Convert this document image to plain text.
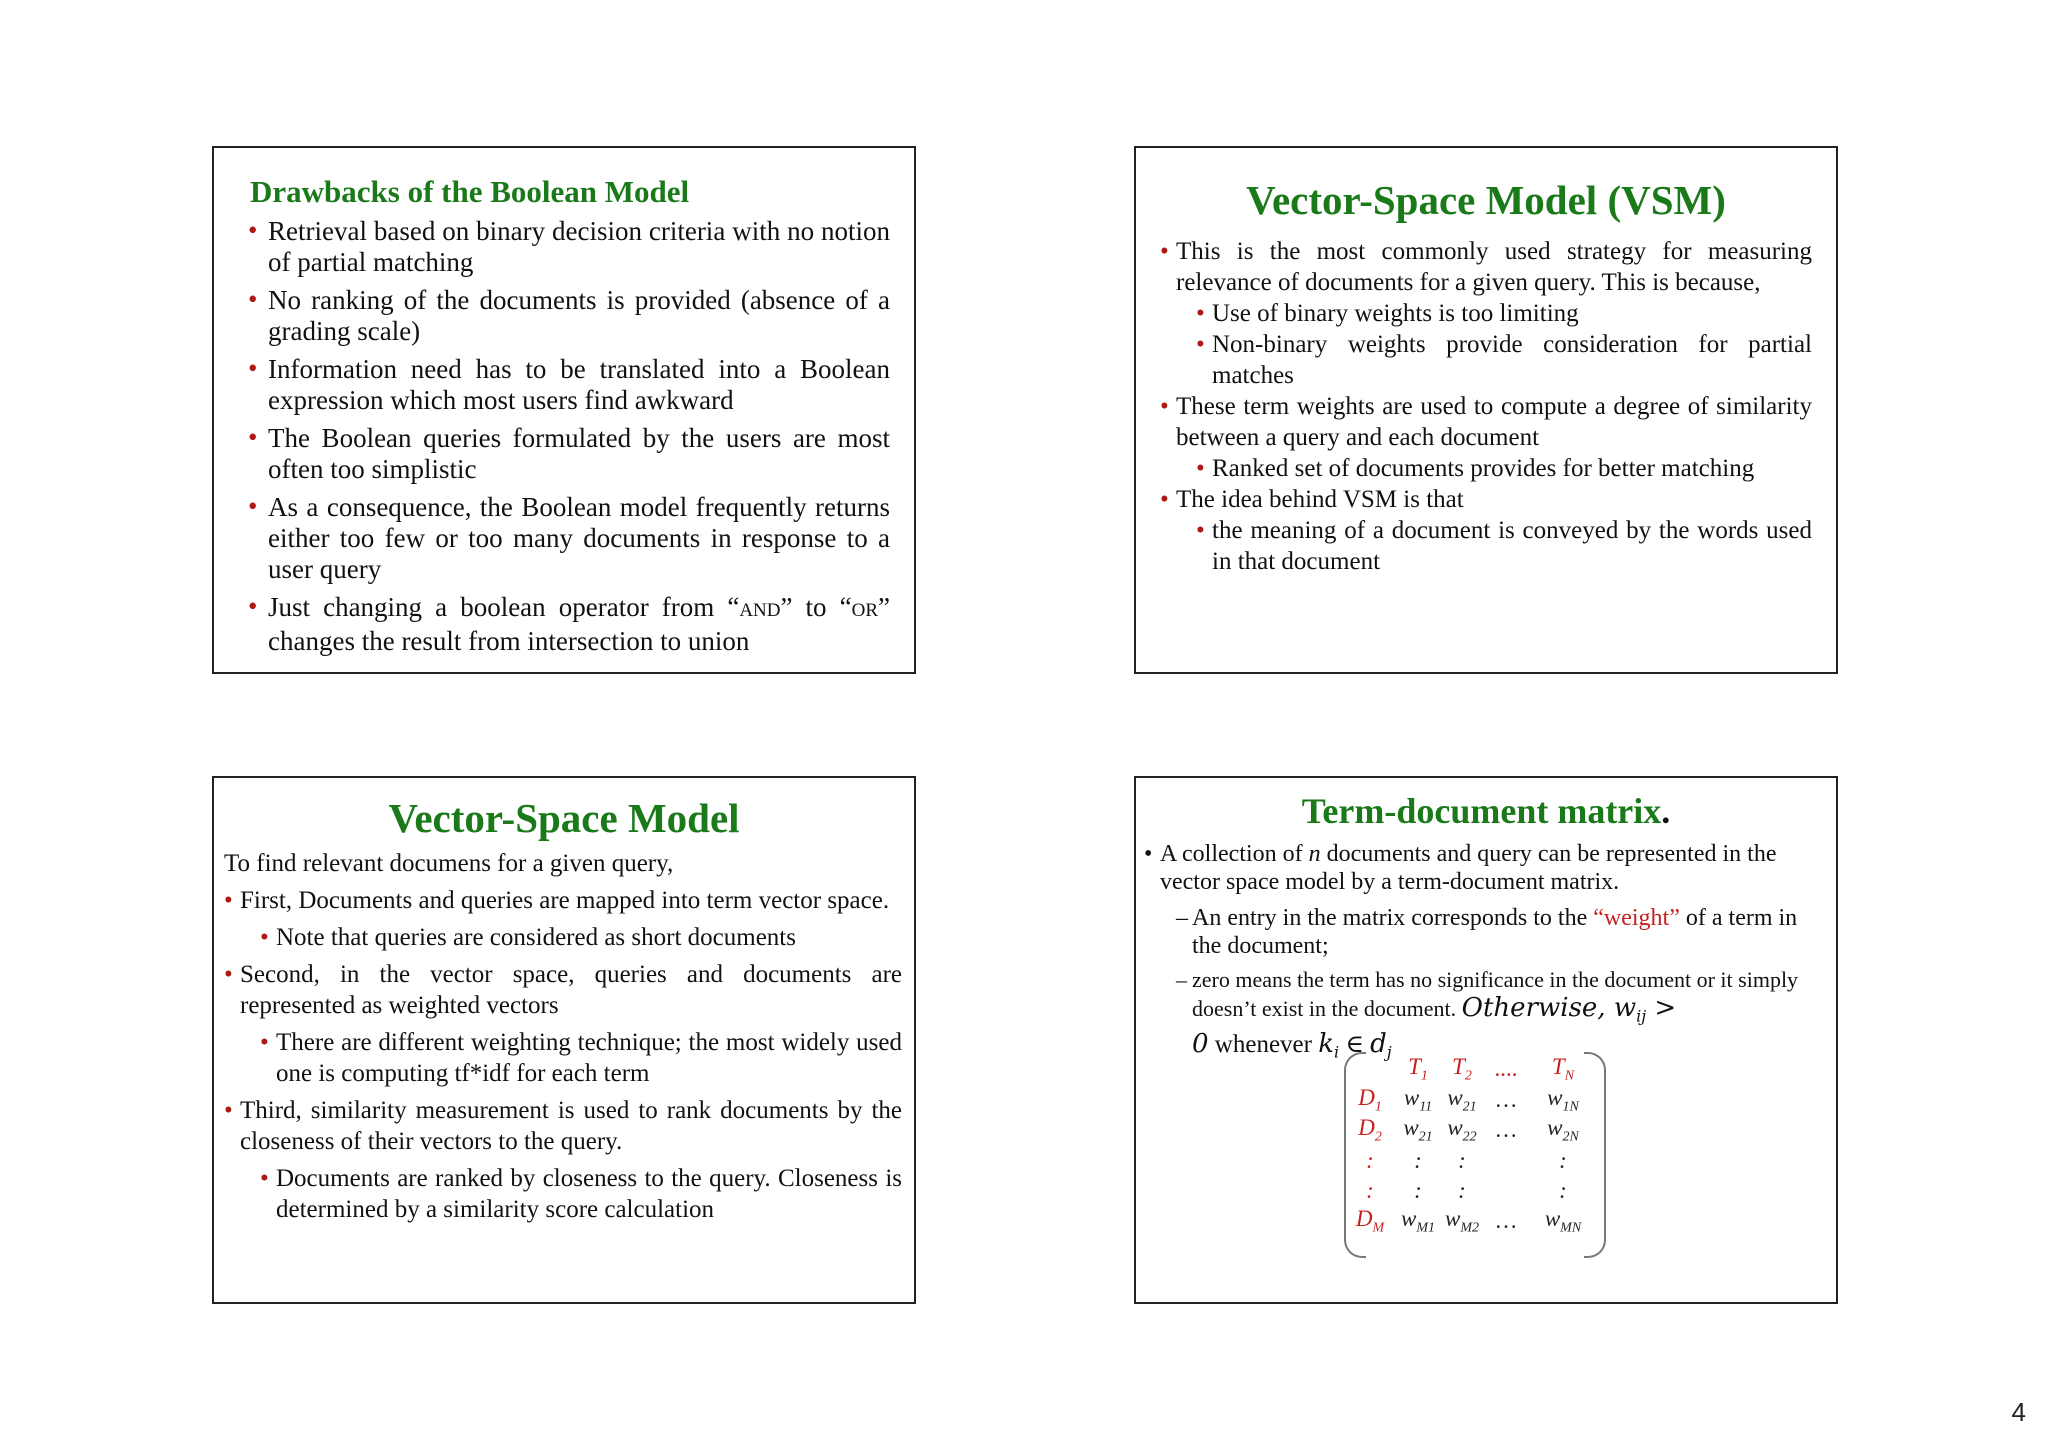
Drawbacks of the Boolean Model
• Retrieval based on binary decision criteria with no notion of partial matching
• No ranking of the documents is provided (absence of a grading scale)
• Information need has to be translated into a Boolean expression which most users find awkward
• The Boolean queries formulated by the users are most often too simplistic
• As a consequence, the Boolean model frequently returns either too few or too many documents in response to a user query
• Just changing a boolean operator from “AND” to “OR” changes the result from intersection to union
Vector-Space Model (VSM)
• This is the most commonly used strategy for measuring relevance of documents for a given query. This is because,
• Use of binary weights is too limiting
• Non-binary weights provide consideration for partial matches
• These term weights are used to compute a degree of similarity between a query and each document
• Ranked set of documents provides for better matching
• The idea behind VSM is that
• the meaning of a document is conveyed by the words used in that document
Vector-Space Model
To find relevant documens for a given query,
• First, Documents and queries are mapped into term vector space.
• Note that queries are considered as short documents
• Second, in the vector space, queries and documents are represented as weighted vectors
• There are different weighting technique; the most widely used one is computing tf*idf for each term
• Third, similarity measurement is used to rank documents by the closeness of their vectors to the query.
• Documents are ranked by closeness to the query. Closeness is determined by a similarity score calculation
Term-document matrix.
• A collection of n documents and query can be represented in the vector space model by a term-document matrix.
– An entry in the matrix corresponds to the “weight” of a term in the document;
– zero means the term has no significance in the document or it simply doesn’t exist in the document. Otherwise, $w_{ij}$ >
0 whenever $k_i$ ∈ $d_j$
	$T_1$	$T_2$	....	$T_N$
$D_1$	$w_{11}$	$w_{21}$	…	$w_{1N}$
$D_2$	$w_{21}$	$w_{22}$	…	$w_{2N}$
:	:	:		:
:	:	:		:
$D_M$	$w_{M1}$	$w_{M2}$	…	$w_{MN}$
4
